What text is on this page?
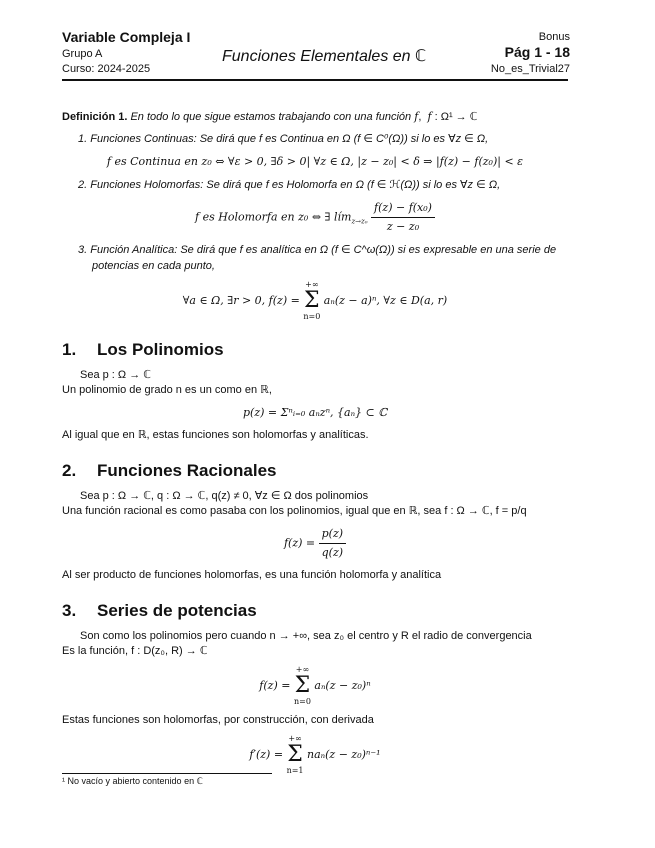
Variable Compleja I
Grupo A
Curso: 2024-2025
Funciones Elementales en ℂ
Bonus
Pág 1 - 18
No_es_Trivial27

Definición 1. En todo lo que sigue estamos trabajando con una función f,  f : Ω¹ → ℂ

1. Funciones Continuas: Se dirá que f es Continua en Ω (f ∈ C⁰(Ω)) si lo es ∀z ∈ Ω,

f es Continua en z₀ ⇔ ∀ε > 0, ∃δ > 0| ∀z ∈ Ω, |z − z₀| < δ ⇒ |f(z) − f(z₀)| < ε

2. Funciones Holomorfas: Se dirá que f es Holomorfa en Ω (f ∈ ℋ(Ω)) si lo es ∀z ∈ Ω,

f es Holomorfa en z₀ ⇔ ∃ lím$_{z\to z_0}$ $\frac{\text{f(z) − f(x₀)}}{\text{z − z₀}}$

3. Función Analítica: Se dirá que f es analítica en Ω (f ∈ C^ω(Ω)) si es expresable en una serie de potencias en cada punto,

∀a ∈ Ω, ∃r > 0, f(z) =
+∞
Σ
n=0
aₙ(z − a)ⁿ, ∀z ∈ D(a, r)
1. Los Polinomios

Sea p : Ω → ℂ

Un polinomio de grado n es un como en ℝ,

p(z) = Σⁿᵢ₌₀ aₙzⁿ, {aₙ} ⊂ ℂ

Al igual que en ℝ, estas funciones son holomorfas y analíticas.

2. Funciones Racionales

Sea p : Ω → ℂ, q : Ω → ℂ, q(z) ≠ 0, ∀z ∈ Ω dos polinomios

Una función racional es como pasaba con los polinomios, igual que en ℝ, sea f : Ω → ℂ, f = p/q

$f(z) = \frac{p(z)}{q(z)}$

Al ser producto de funciones holomorfas, es una función holomorfa y analítica

3. Series de potencias

Son como los polinomios pero cuando n → +∞, sea z₀ el centro y R el radio de convergencia

Es la función, f : D(z₀, R) → ℂ

f(z) =
+∞
Σ
n=0
aₙ(z − z₀)ⁿ

Estas funciones son holomorfas, por construcción, con derivada

f′(z) =
+∞
Σ
n=1
naₙ(z − z₀)ⁿ⁻¹
¹ No vacío y abierto contenido en ℂ
